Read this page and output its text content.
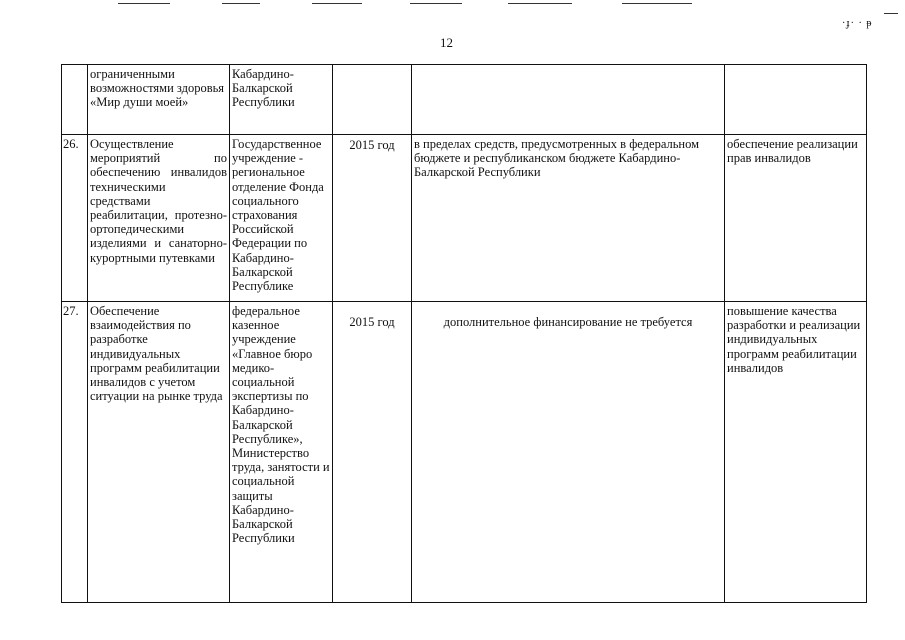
12
·ɟ· · ᵽ
	ограниченными возможностями здоровья «Мир души моей»	Кабардино-Балкарской Республики			
26.	Осуществление мероприятий по обеспечению инвалидов техническими средствами реабилитации, протезно-ортопедическими изделиями и санаторно-курортными путевками	Государственное учреждение - региональное отделение Фонда социального страхования Российской Федерации по Кабардино-Балкарской Республике	2015 год	в пределах средств, предусмотренных в федеральном бюджете и республиканском бюджете Кабардино-Балкарской Республики	обеспечение реализации прав инвалидов
27.	Обеспечение взаимодействия по разработке индивидуальных программ реабилитации инвалидов с учетом ситуации на рынке труда	федеральное казенное учреждение «Главное бюро медико-социальной экспертизы по Кабардино-Балкарской Республике», Министерство труда, занятости и социальной защиты Кабардино-Балкарской Республики	2015 год	дополнительное финансирование не требуется	повышение качества разработки и реализации индивидуальных программ реабилитации инвалидов
